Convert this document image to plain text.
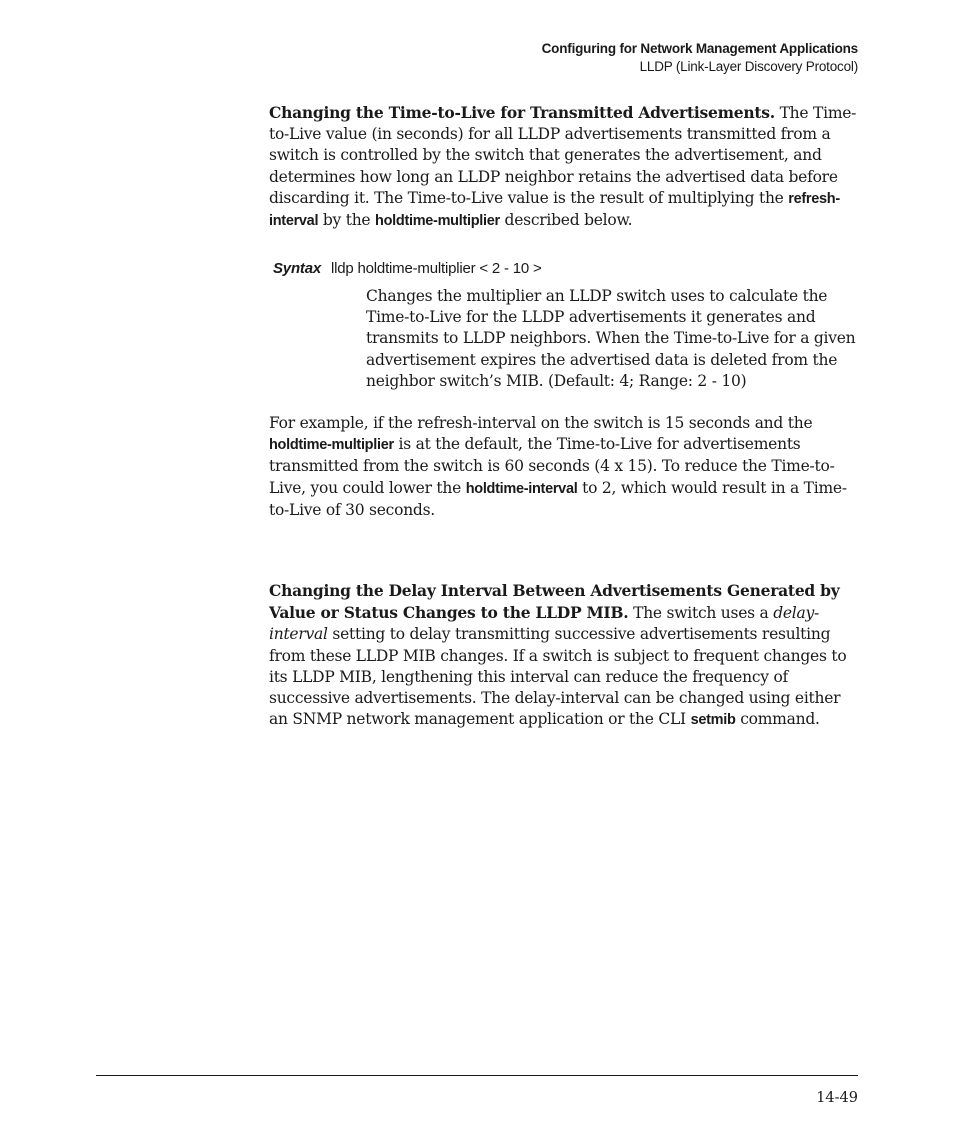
Configuring for Network Management Applications
LLDP (Link-Layer Discovery Protocol)
Changing the Time-to-Live for Transmitted Advertisements. The Time-to-Live value (in seconds) for all LLDP advertisements transmitted from a switch is controlled by the switch that generates the advertisement, and determines how long an LLDP neighbor retains the advertised data before discarding it. The Time-to-Live value is the result of multiplying the refresh-interval by the holdtime-multiplier described below.
Syntax lldp holdtime-multiplier < 2 - 10 >
Changes the multiplier an LLDP switch uses to calculate the Time-to-Live for the LLDP advertisements it generates and transmits to LLDP neighbors. When the Time-to-Live for a given advertisement expires the advertised data is deleted from the neighbor switch’s MIB. (Default: 4; Range: 2 - 10)
For example, if the refresh-interval on the switch is 15 seconds and the holdtime-multiplier is at the default, the Time-to-Live for advertisements transmitted from the switch is 60 seconds (4 x 15). To reduce the Time-to-Live, you could lower the holdtime-interval to 2, which would result in a Time-to-Live of 30 seconds.
Changing the Delay Interval Between Advertisements Generated by Value or Status Changes to the LLDP MIB. The switch uses a delay-interval setting to delay transmitting successive advertisements resulting from these LLDP MIB changes. If a switch is subject to frequent changes to its LLDP MIB, lengthening this interval can reduce the frequency of successive advertisements. The delay-interval can be changed using either an SNMP network management application or the CLI setmib command.
14-49
